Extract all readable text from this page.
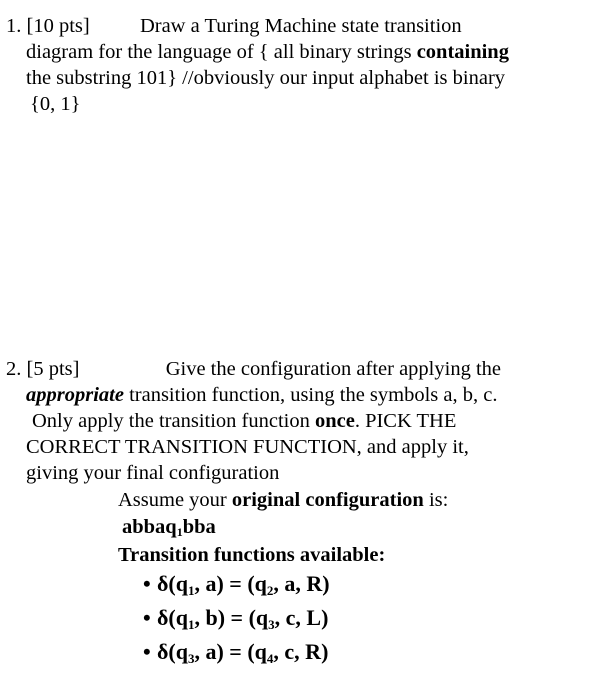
1. [10 pts] Draw a Turing Machine state transition
diagram for the language of { all binary strings containing
the substring 101} //obviously our input alphabet is binary
{0, 1}
2. [5 pts]	Give the configuration after applying the
appropriate transition function, using the symbols a, b, c.
Only apply the transition function once. PICK THE
CORRECT TRANSITION FUNCTION, and apply it,
giving your final configuration
Assume your original configuration is:
abbaq1bba
Transition functions available:
• $\delta(q_1$, $a) = (q_2$, a, R)
• $\delta(q_1$, $b) = (q_3$, c, L)
• $\delta(q_3$, $a) = (q_4$, c, R)
